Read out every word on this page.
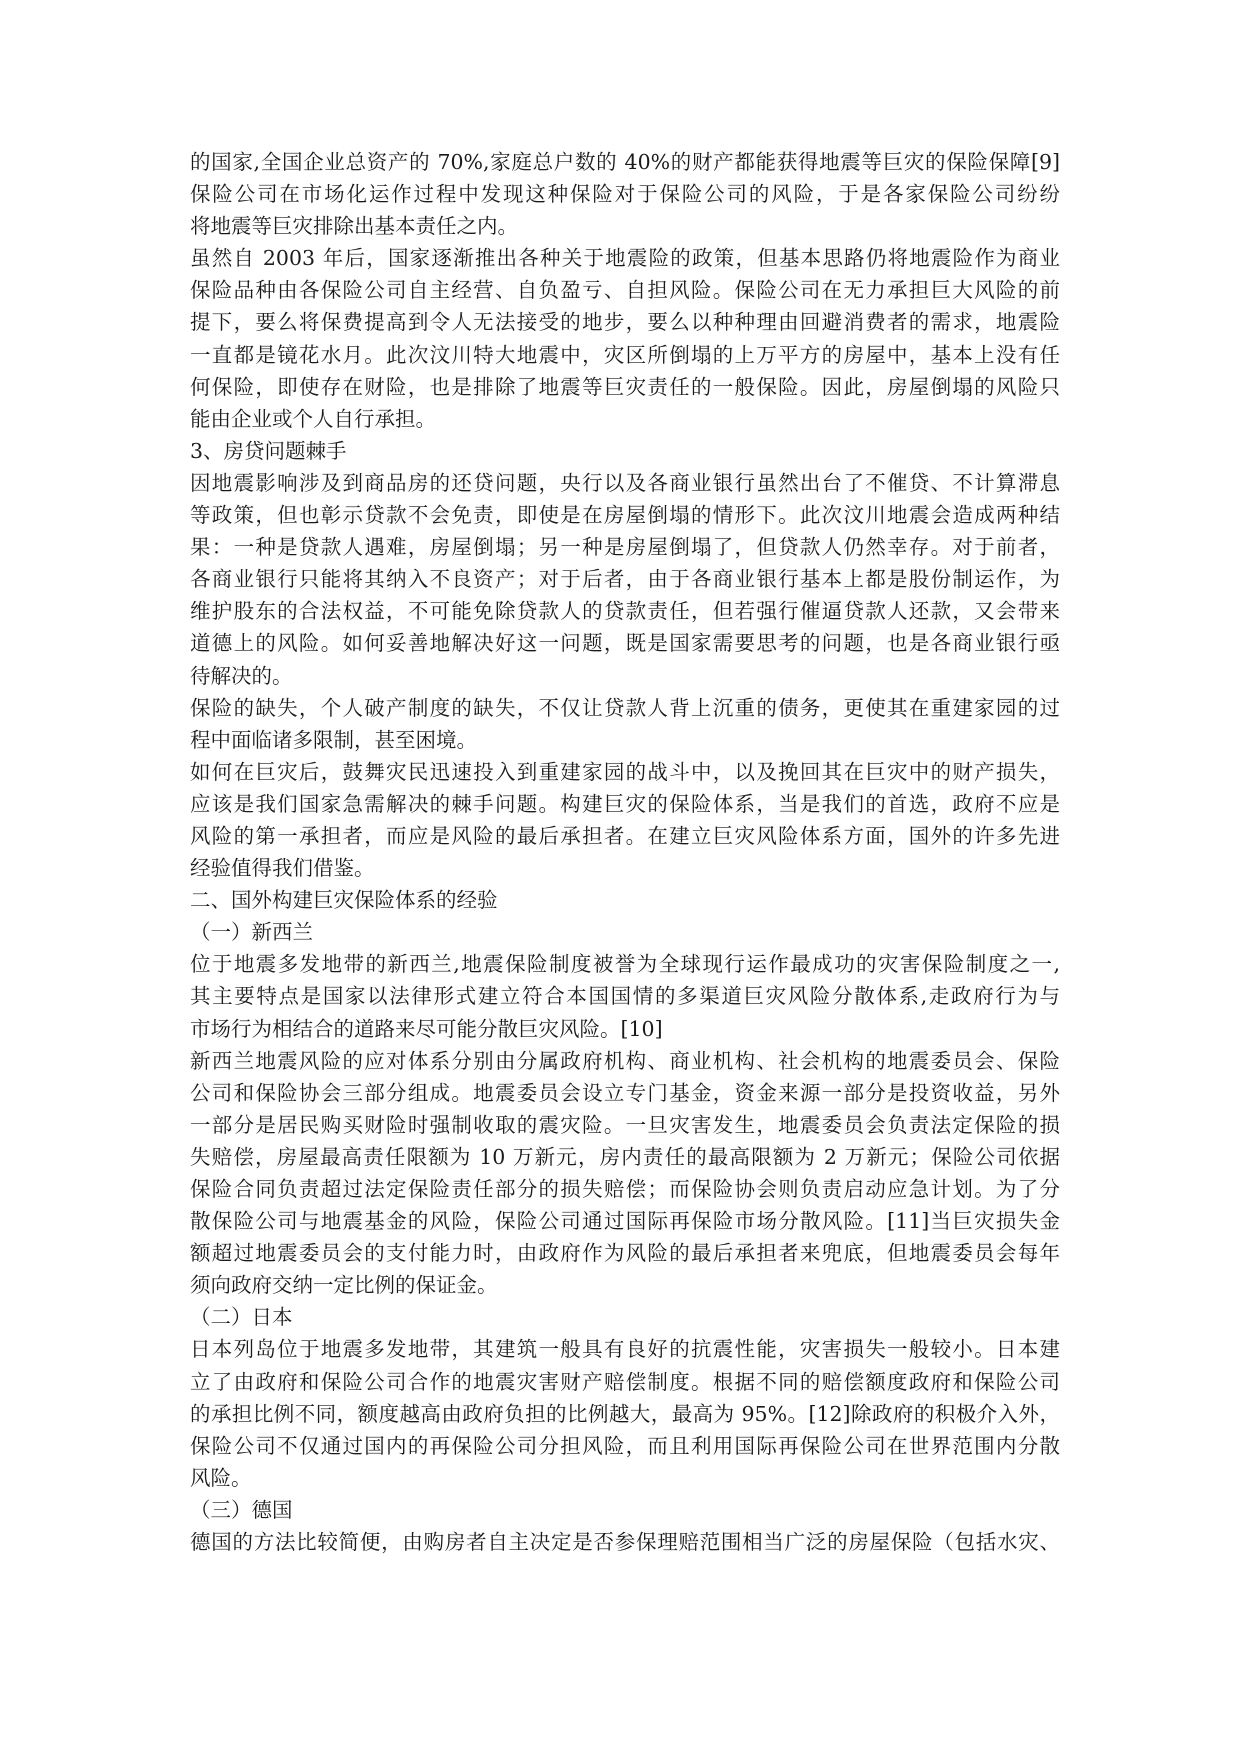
的国家,全国企业总资产的 70%,家庭总户数的 40%的财产都能获得地震等巨灾的保险保障[9]
保险公司在市场化运作过程中发现这种保险对于保险公司的风险，于是各家保险公司纷纷
将地震等巨灾排除出基本责任之内。
虽然自 2003 年后，国家逐渐推出各种关于地震险的政策，但基本思路仍将地震险作为商业
保险品种由各保险公司自主经营、自负盈亏、自担风险。保险公司在无力承担巨大风险的前
提下，要么将保费提高到令人无法接受的地步，要么以种种理由回避消费者的需求，地震险
一直都是镜花水月。此次汶川特大地震中，灾区所倒塌的上万平方的房屋中，基本上没有任
何保险，即使存在财险，也是排除了地震等巨灾责任的一般保险。因此，房屋倒塌的风险只
能由企业或个人自行承担。
3、房贷问题棘手
因地震影响涉及到商品房的还贷问题，央行以及各商业银行虽然出台了不催贷、不计算滞息
等政策，但也彰示贷款不会免责，即使是在房屋倒塌的情形下。此次汶川地震会造成两种结
果：一种是贷款人遇难，房屋倒塌；另一种是房屋倒塌了，但贷款人仍然幸存。对于前者，
各商业银行只能将其纳入不良资产；对于后者，由于各商业银行基本上都是股份制运作，为
维护股东的合法权益，不可能免除贷款人的贷款责任，但若强行催逼贷款人还款，又会带来
道德上的风险。如何妥善地解决好这一问题，既是国家需要思考的问题，也是各商业银行亟
待解决的。
保险的缺失，个人破产制度的缺失，不仅让贷款人背上沉重的债务，更使其在重建家园的过
程中面临诸多限制，甚至困境。
如何在巨灾后，鼓舞灾民迅速投入到重建家园的战斗中，以及挽回其在巨灾中的财产损失，
应该是我们国家急需解决的棘手问题。构建巨灾的保险体系，当是我们的首选，政府不应是
风险的第一承担者，而应是风险的最后承担者。在建立巨灾风险体系方面，国外的许多先进
经验值得我们借鉴。
二、国外构建巨灾保险体系的经验
（一）新西兰
位于地震多发地带的新西兰,地震保险制度被誉为全球现行运作最成功的灾害保险制度之一,
其主要特点是国家以法律形式建立符合本国国情的多渠道巨灾风险分散体系,走政府行为与
市场行为相结合的道路来尽可能分散巨灾风险。[10]
新西兰地震风险的应对体系分别由分属政府机构、商业机构、社会机构的地震委员会、保险
公司和保险协会三部分组成。地震委员会设立专门基金，资金来源一部分是投资收益，另外
一部分是居民购买财险时强制收取的震灾险。一旦灾害发生，地震委员会负责法定保险的损
失赔偿，房屋最高责任限额为 10 万新元，房内责任的最高限额为 2 万新元；保险公司依据
保险合同负责超过法定保险责任部分的损失赔偿；而保险协会则负责启动应急计划。为了分
散保险公司与地震基金的风险，保险公司通过国际再保险市场分散风险。[11]当巨灾损失金
额超过地震委员会的支付能力时，由政府作为风险的最后承担者来兜底，但地震委员会每年
须向政府交纳一定比例的保证金。
（二）日本
日本列岛位于地震多发地带，其建筑一般具有良好的抗震性能，灾害损失一般较小。日本建
立了由政府和保险公司合作的地震灾害财产赔偿制度。根据不同的赔偿额度政府和保险公司
的承担比例不同，额度越高由政府负担的比例越大，最高为 95%。[12]除政府的积极介入外，
保险公司不仅通过国内的再保险公司分担风险，而且利用国际再保险公司在世界范围内分散
风险。
（三）德国
德国的方法比较简便，由购房者自主决定是否参保理赔范围相当广泛的房屋保险（包括水灾、
